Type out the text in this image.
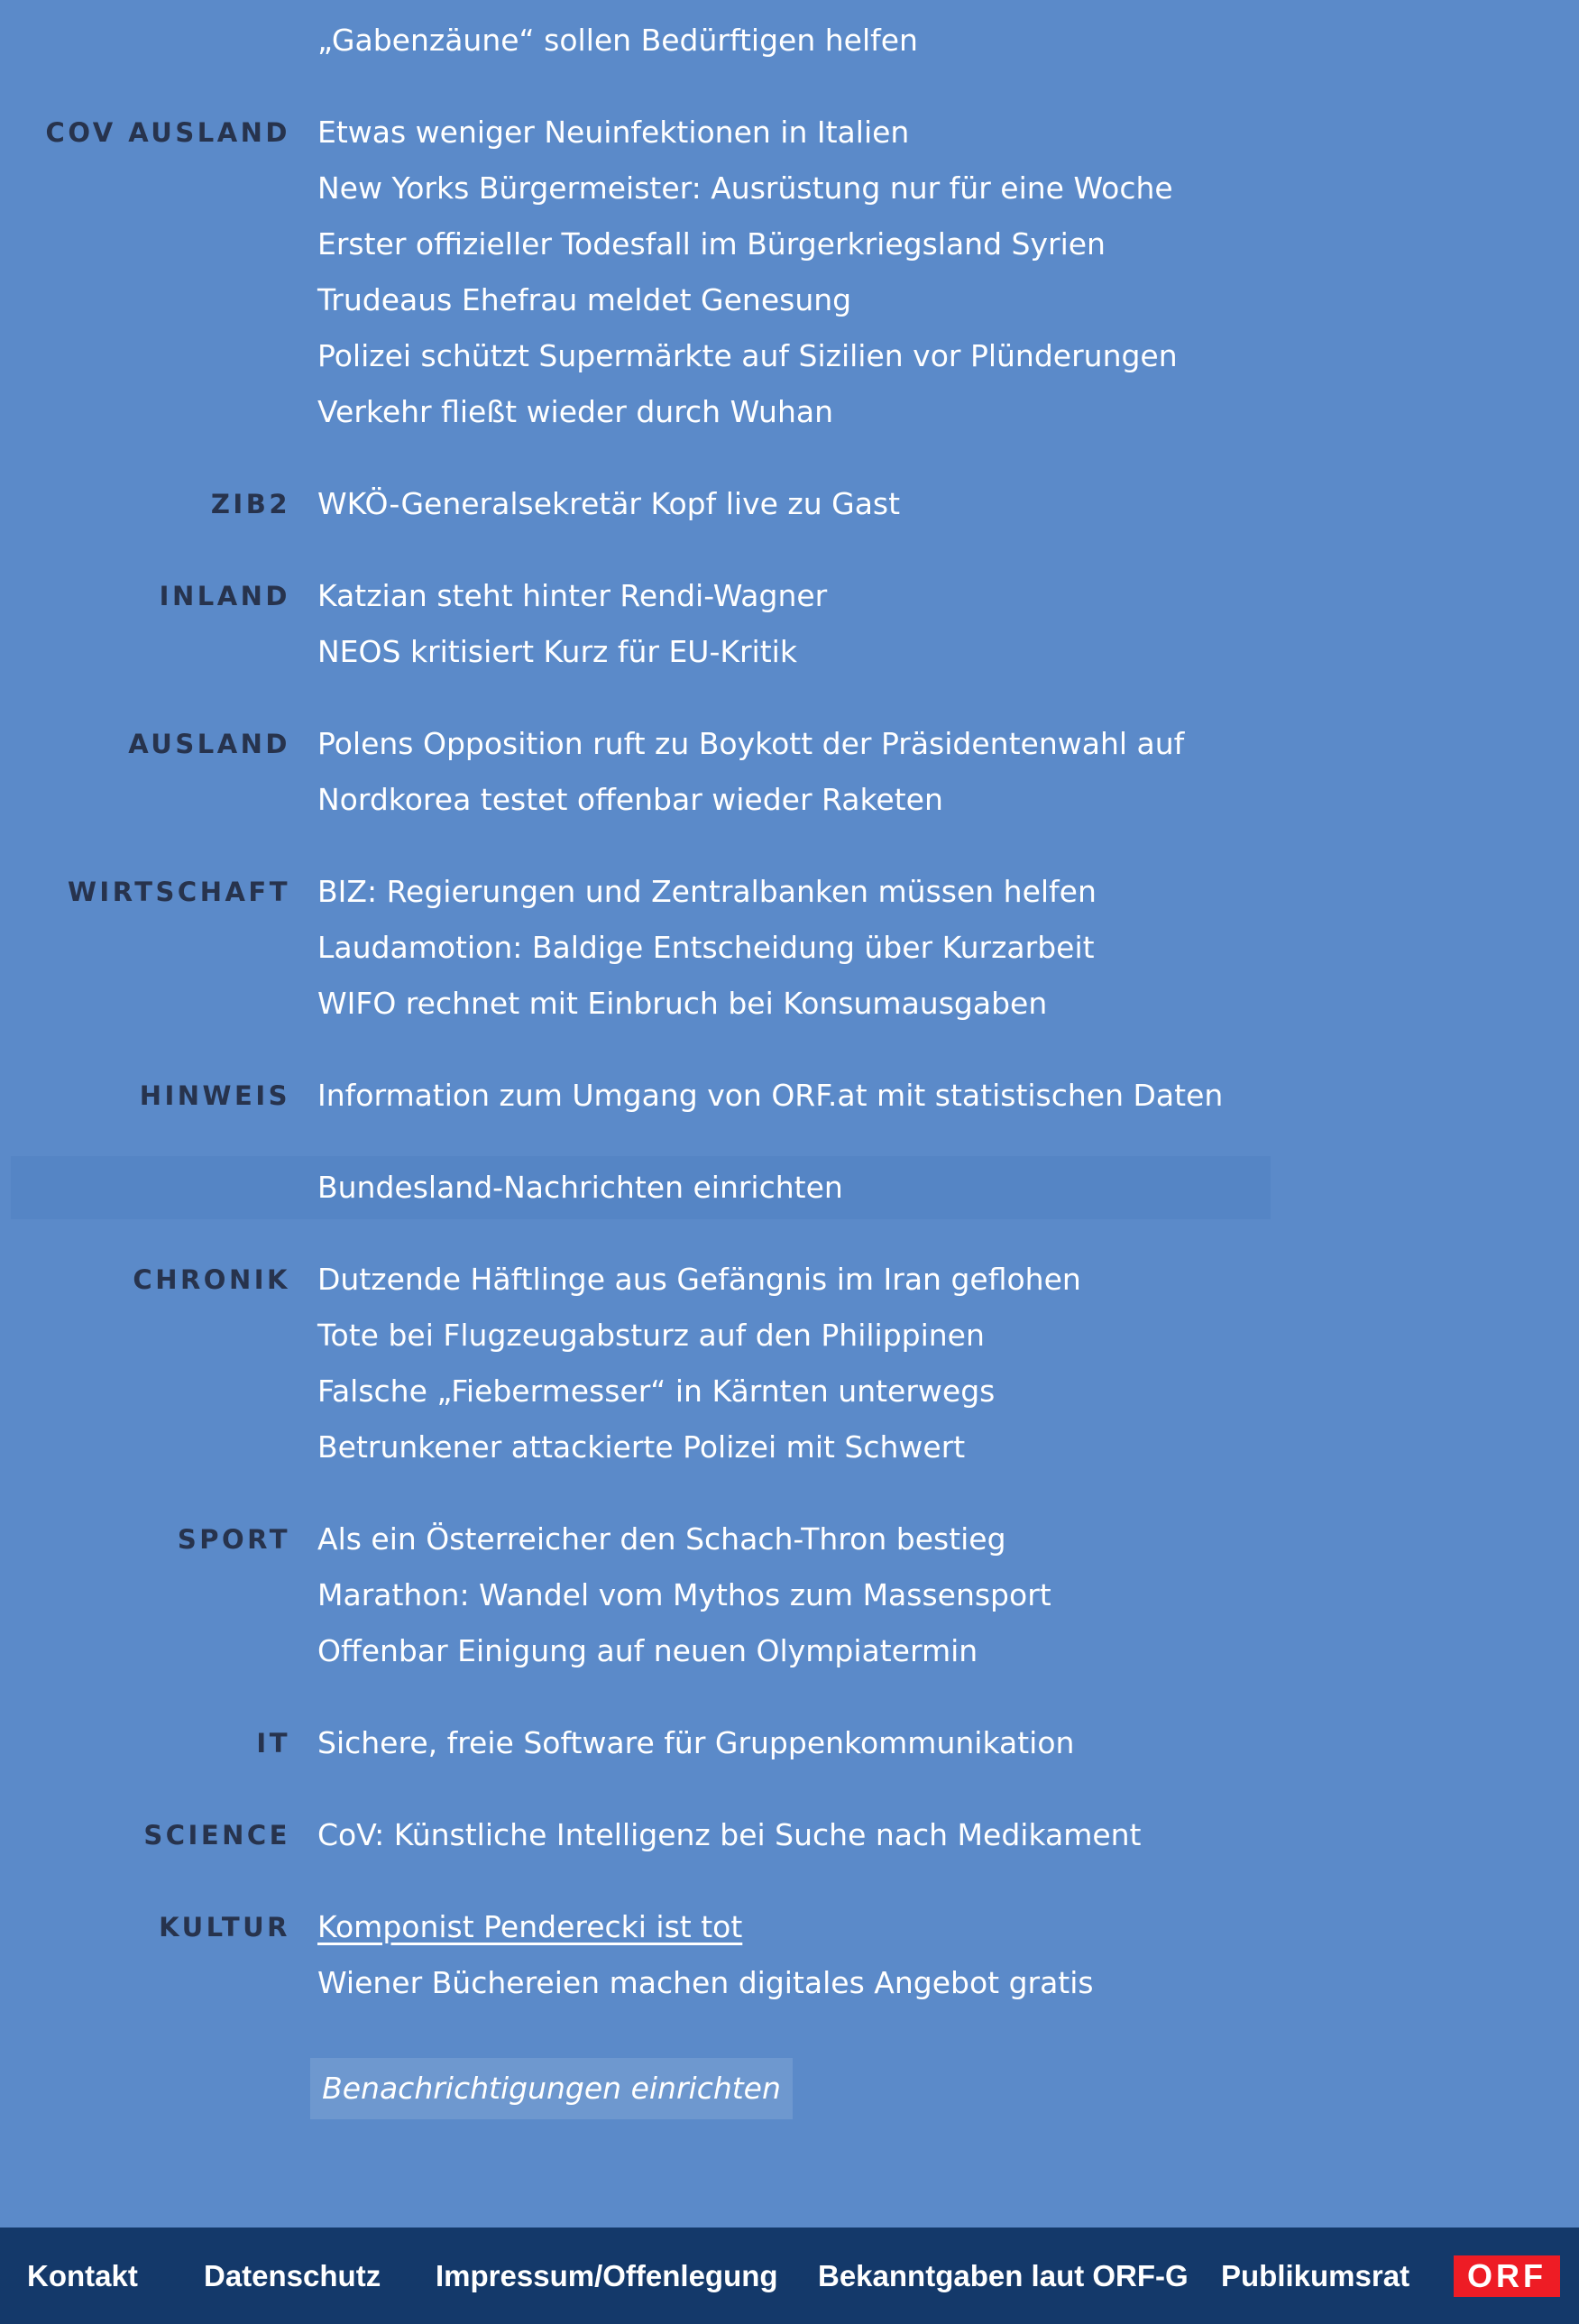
„Gabenzäune“ sollen Bedürftigen helfen
COV AUSLAND Etwas weniger Neuinfektionen in Italien
New Yorks Bürgermeister: Ausrüstung nur für eine Woche
Erster offizieller Todesfall im Bürgerkriegsland Syrien
Trudeaus Ehefrau meldet Genesung
Polizei schützt Supermärkte auf Sizilien vor Plünderungen
Verkehr fließt wieder durch Wuhan
ZIB2 WKÖ-Generalsekretär Kopf live zu Gast
INLAND Katzian steht hinter Rendi-Wagner
NEOS kritisiert Kurz für EU-Kritik
AUSLAND Polens Opposition ruft zu Boykott der Präsidentenwahl auf
Nordkorea testet offenbar wieder Raketen
WIRTSCHAFT BIZ: Regierungen und Zentralbanken müssen helfen
Laudamotion: Baldige Entscheidung über Kurzarbeit
WIFO rechnet mit Einbruch bei Konsumausgaben
HINWEIS Information zum Umgang von ORF.at mit statistischen Daten
Bundesland-Nachrichten einrichten
CHRONIK Dutzende Häftlinge aus Gefängnis im Iran geflohen
Tote bei Flugzeugabsturz auf den Philippinen
Falsche „Fiebermesser“ in Kärnten unterwegs
Betrunkener attackierte Polizei mit Schwert
SPORT Als ein Österreicher den Schach-Thron bestieg
Marathon: Wandel vom Mythos zum Massensport
Offenbar Einigung auf neuen Olympiatermin
IT Sichere, freie Software für Gruppenkommunikation
SCIENCE CoV: Künstliche Intelligenz bei Suche nach Medikament
KULTUR Komponist Penderecki ist tot
Wiener Büchereien machen digitales Angebot gratis
Benachrichtigungen einrichten
Kontakt Datenschutz Impressum/Offenlegung Bekanntgaben laut ORF-G Publikumsrat	ORF
